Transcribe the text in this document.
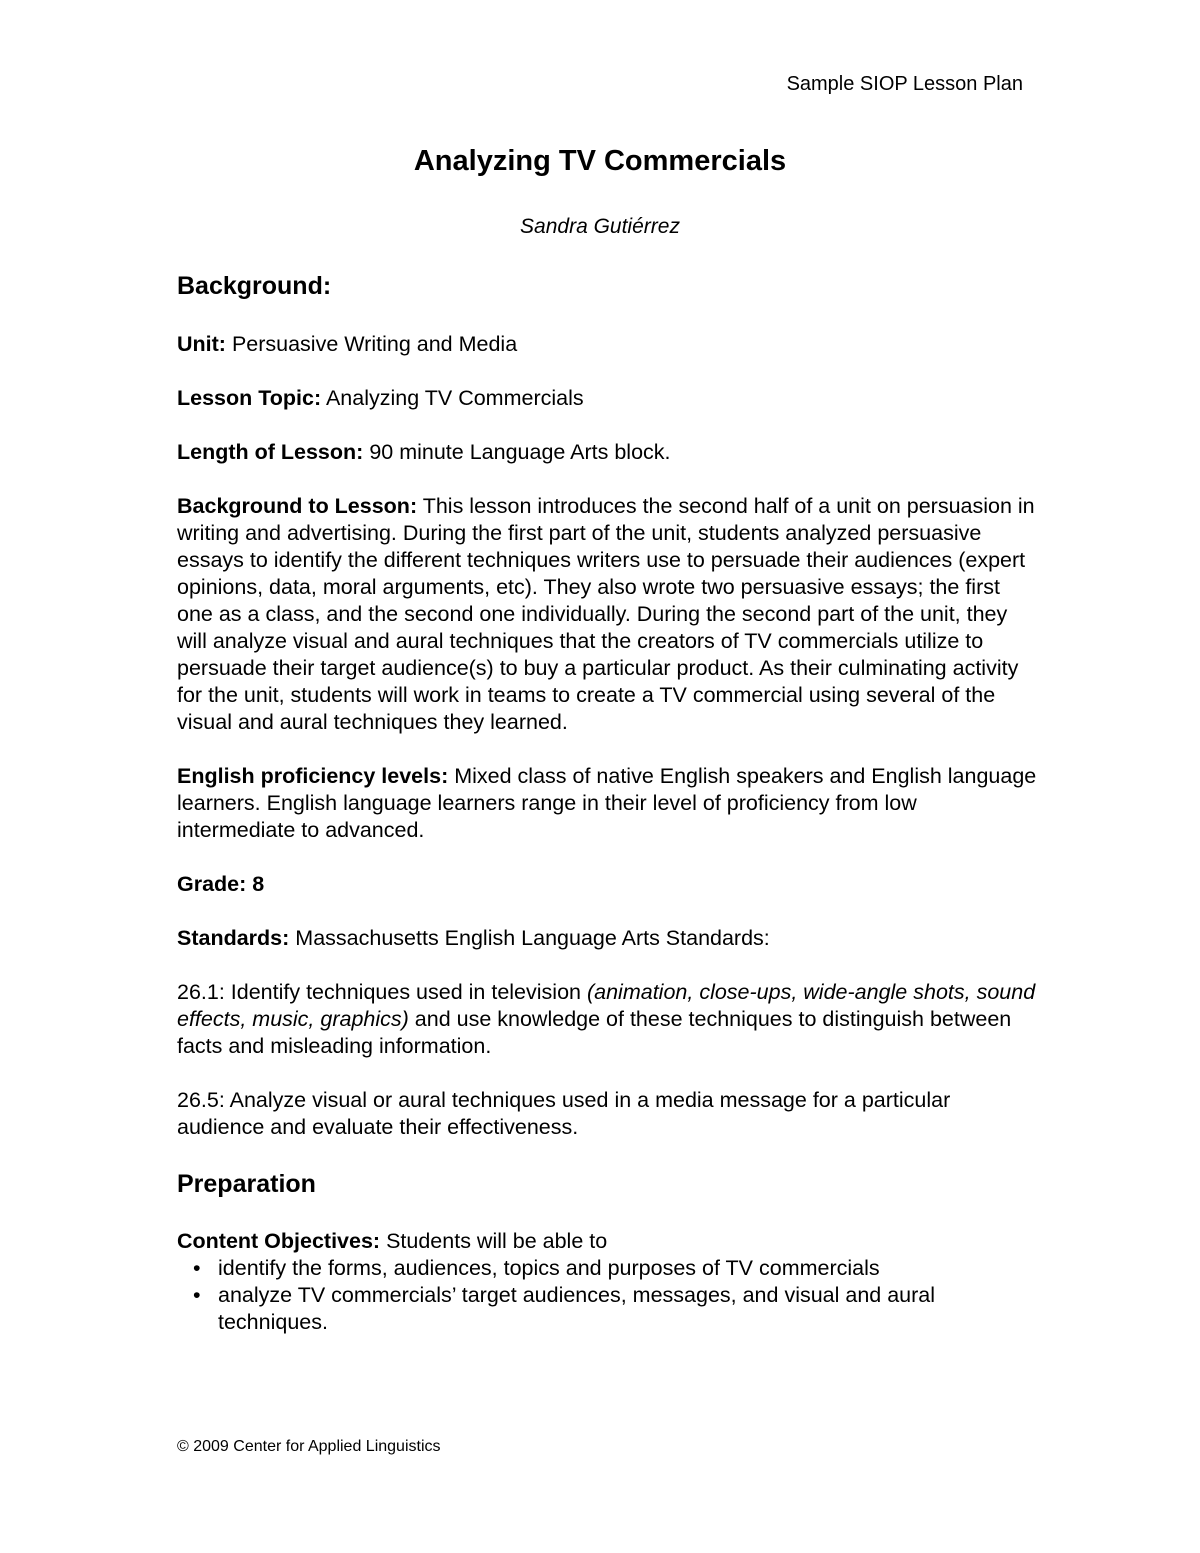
Sample SIOP Lesson Plan
Analyzing TV Commercials
Sandra Gutiérrez
Background:

Unit: Persuasive Writing and Media

Lesson Topic: Analyzing TV Commercials

Length of Lesson: 90 minute Language Arts block.

Background to Lesson: This lesson introduces the second half of a unit on persuasion in writing and advertising. During the first part of the unit, students analyzed persuasive essays to identify the different techniques writers use to persuade their audiences (expert opinions, data, moral arguments, etc). They also wrote two persuasive essays; the first one as a class, and the second one individually. During the second part of the unit, they will analyze visual and aural techniques that the creators of TV commercials utilize to persuade their target audience(s) to buy a particular product. As their culminating activity for the unit, students will work in teams to create a TV commercial using several of the visual and aural techniques they learned.

English proficiency levels: Mixed class of native English speakers and English language learners. English language learners range in their level of proficiency from low intermediate to advanced.

Grade: 8

Standards: Massachusetts English Language Arts Standards:

26.1: Identify techniques used in television (animation, close-ups, wide-angle shots, sound effects, music, graphics) and use knowledge of these techniques to distinguish between facts and misleading information.

26.5: Analyze visual or aural techniques used in a media message for a particular audience and evaluate their effectiveness.

Preparation
Content Objectives: Students will be able to
• identify the forms, audiences, topics and purposes of TV commercials
• analyze TV commercials’ target audiences, messages, and visual and aural techniques.
© 2009 Center for Applied Linguistics
